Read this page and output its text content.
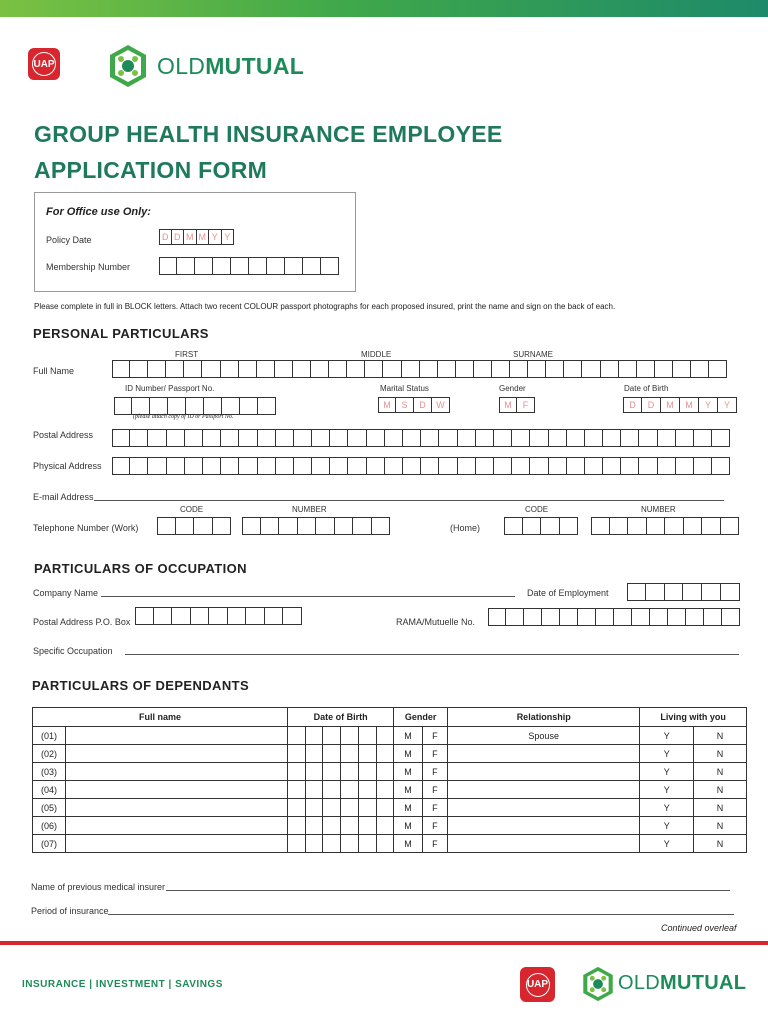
UAP	OLDMUTUAL
GROUP HEALTH INSURANCE EMPLOYEE
APPLICATION FORM
For Office use Only:
Policy Date	D D M M Y Y
Membership Number
Please complete in full in BLOCK letters. Attach two recent COLOUR passport photographs for each proposed insured, print the name and sign on the back of each.
PERSONAL PARTICULARS
FIRST	MIDDLE	SURNAME
Full Name
ID Number/ Passport No.	Marital Status	Gender	Date of Birth
(please attach copy of ID or Passport No.
M	S	D	W	M	F	D	D	M	M	Y	Y
Postal Address
Physical Address
E-mail Address
CODE	NUMBER	CODE	NUMBER
Telephone Number (Work)	(Home)
PARTICULARS OF OCCUPATION
Company Name	Date of Employment
Postal Address P.O. Box	RAMA/Mutuelle No.
Specific Occupation
PARTICULARS OF DEPENDANTS
Full name		Date of Birth						Gender		Relationship	Living with you	
(01)								M	F	Spouse	Y	N
(02)								M	F		Y	N
(03)								M	F		Y	N
(04)								M	F		Y	N
(05)								M	F		Y	N
(06)								M	F		Y	N
(07)								M	F		Y	N
Name of previous medical insurer
Period of insurance
Continued overleaf
INSURANCE | INVESTMENT | SAVINGS	UAP	OLDMUTUAL
